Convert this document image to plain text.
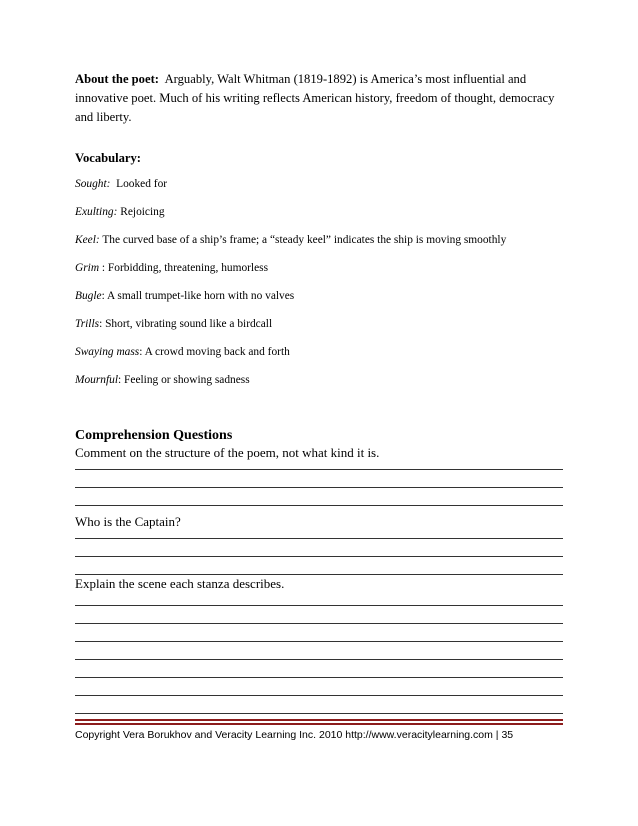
About the poet: Arguably, Walt Whitman (1819-1892) is America’s most influential and innovative poet. Much of his writing reflects American history, freedom of thought, democracy and liberty.
Vocabulary:
Sought: Looked for
Exulting: Rejoicing
Keel: The curved base of a ship’s frame; a “steady keel” indicates the ship is moving smoothly
Grim : Forbidding, threatening, humorless
Bugle: A small trumpet-like horn with no valves
Trills: Short, vibrating sound like a birdcall
Swaying mass: A crowd moving back and forth
Mournful: Feeling or showing sadness
Comprehension Questions
Comment on the structure of the poem, not what kind it is.
Who is the Captain?
Explain the scene each stanza describes.
Copyright Vera Borukhov and Veracity Learning Inc. 2010 http://www.veracitylearning.com | 35
